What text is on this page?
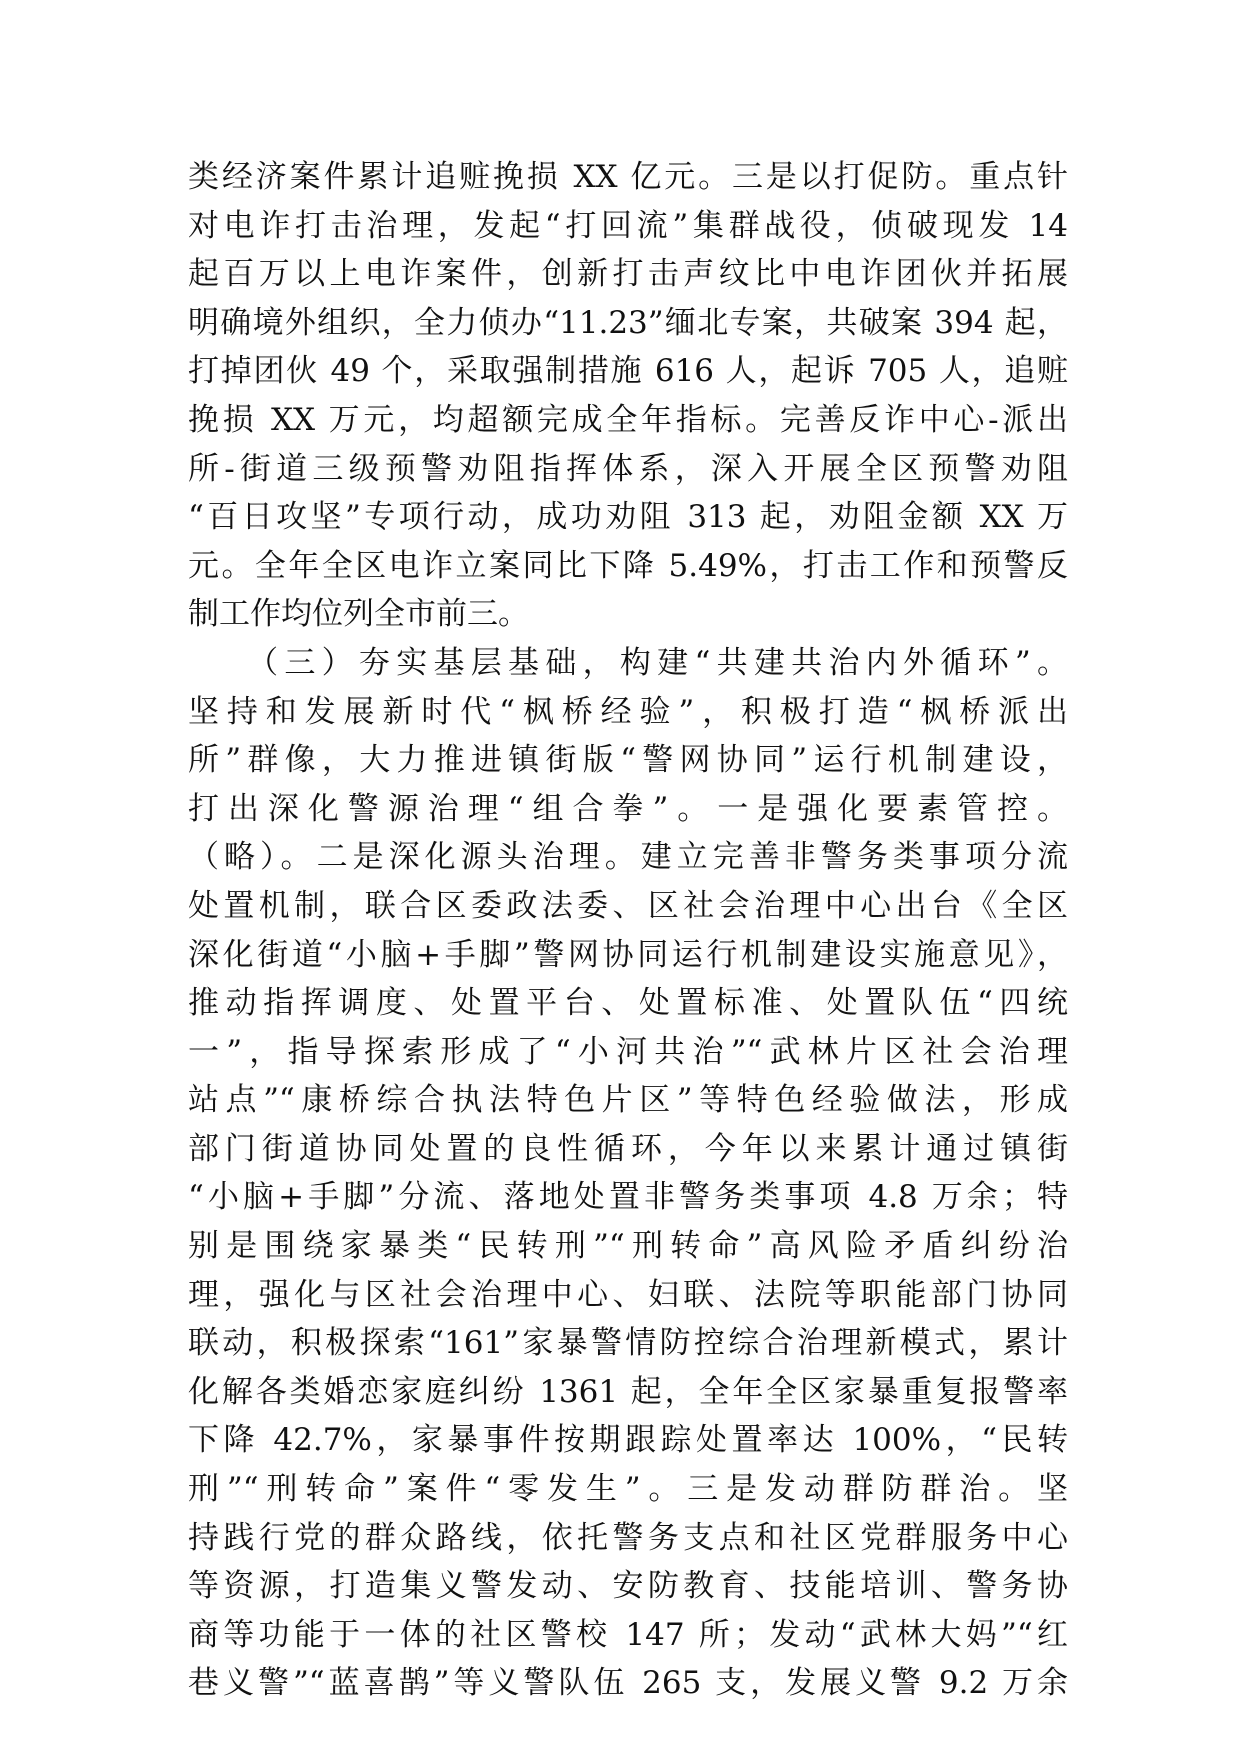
类经济案件累计追赃挽损 XX 亿元。三是以打促防。重点针
对电诈打击治理，发起“打回流”集群战役，侦破现发 14
起百万以上电诈案件，创新打击声纹比中电诈团伙并拓展
明确境外组织，全力侦办“11.23”缅北专案，共破案 394 起，
打掉团伙 49 个，采取强制措施 616 人，起诉 705 人，追赃
挽损 XX 万元，均超额完成全年指标。完善反诈中心-派出
所-街道三级预警劝阻指挥体系，深入开展全区预警劝阻
“百日攻坚”专项行动，成功劝阻 313 起，劝阻金额 XX 万
元。全年全区电诈立案同比下降 5.49%，打击工作和预警反
制工作均位列全市前三。
　　（三）夯实基层基础，构建“共建共治内外循环”。
坚持和发展新时代“枫桥经验”，积极打造“枫桥派出
所”群像，大力推进镇街版“警网协同”运行机制建设，
打出深化警源治理“组合拳”。一是强化要素管控。
（略）。二是深化源头治理。建立完善非警务类事项分流
处置机制，联合区委政法委、区社会治理中心出台《全区
深化街道“小脑+手脚”警网协同运行机制建设实施意见》，
推动指挥调度、处置平台、处置标准、处置队伍“四统
一”，指导探索形成了“小河共治”“武林片区社会治理
站点”“康桥综合执法特色片区”等特色经验做法，形成
部门街道协同处置的良性循环，今年以来累计通过镇街
“小脑+手脚”分流、落地处置非警务类事项 4.8 万余；特
别是围绕家暴类“民转刑”“刑转命”高风险矛盾纠纷治
理，强化与区社会治理中心、妇联、法院等职能部门协同
联动，积极探索“161”家暴警情防控综合治理新模式，累计
化解各类婚恋家庭纠纷 1361 起，全年全区家暴重复报警率
下降 42.7%，家暴事件按期跟踪处置率达 100%，“民转
刑”“刑转命”案件“零发生”。三是发动群防群治。坚
持践行党的群众路线，依托警务支点和社区党群服务中心
等资源，打造集义警发动、安防教育、技能培训、警务协
商等功能于一体的社区警校 147 所；发动“武林大妈”“红
巷义警”“蓝喜鹊”等义警队伍 265 支，发展义警 9.2 万余
